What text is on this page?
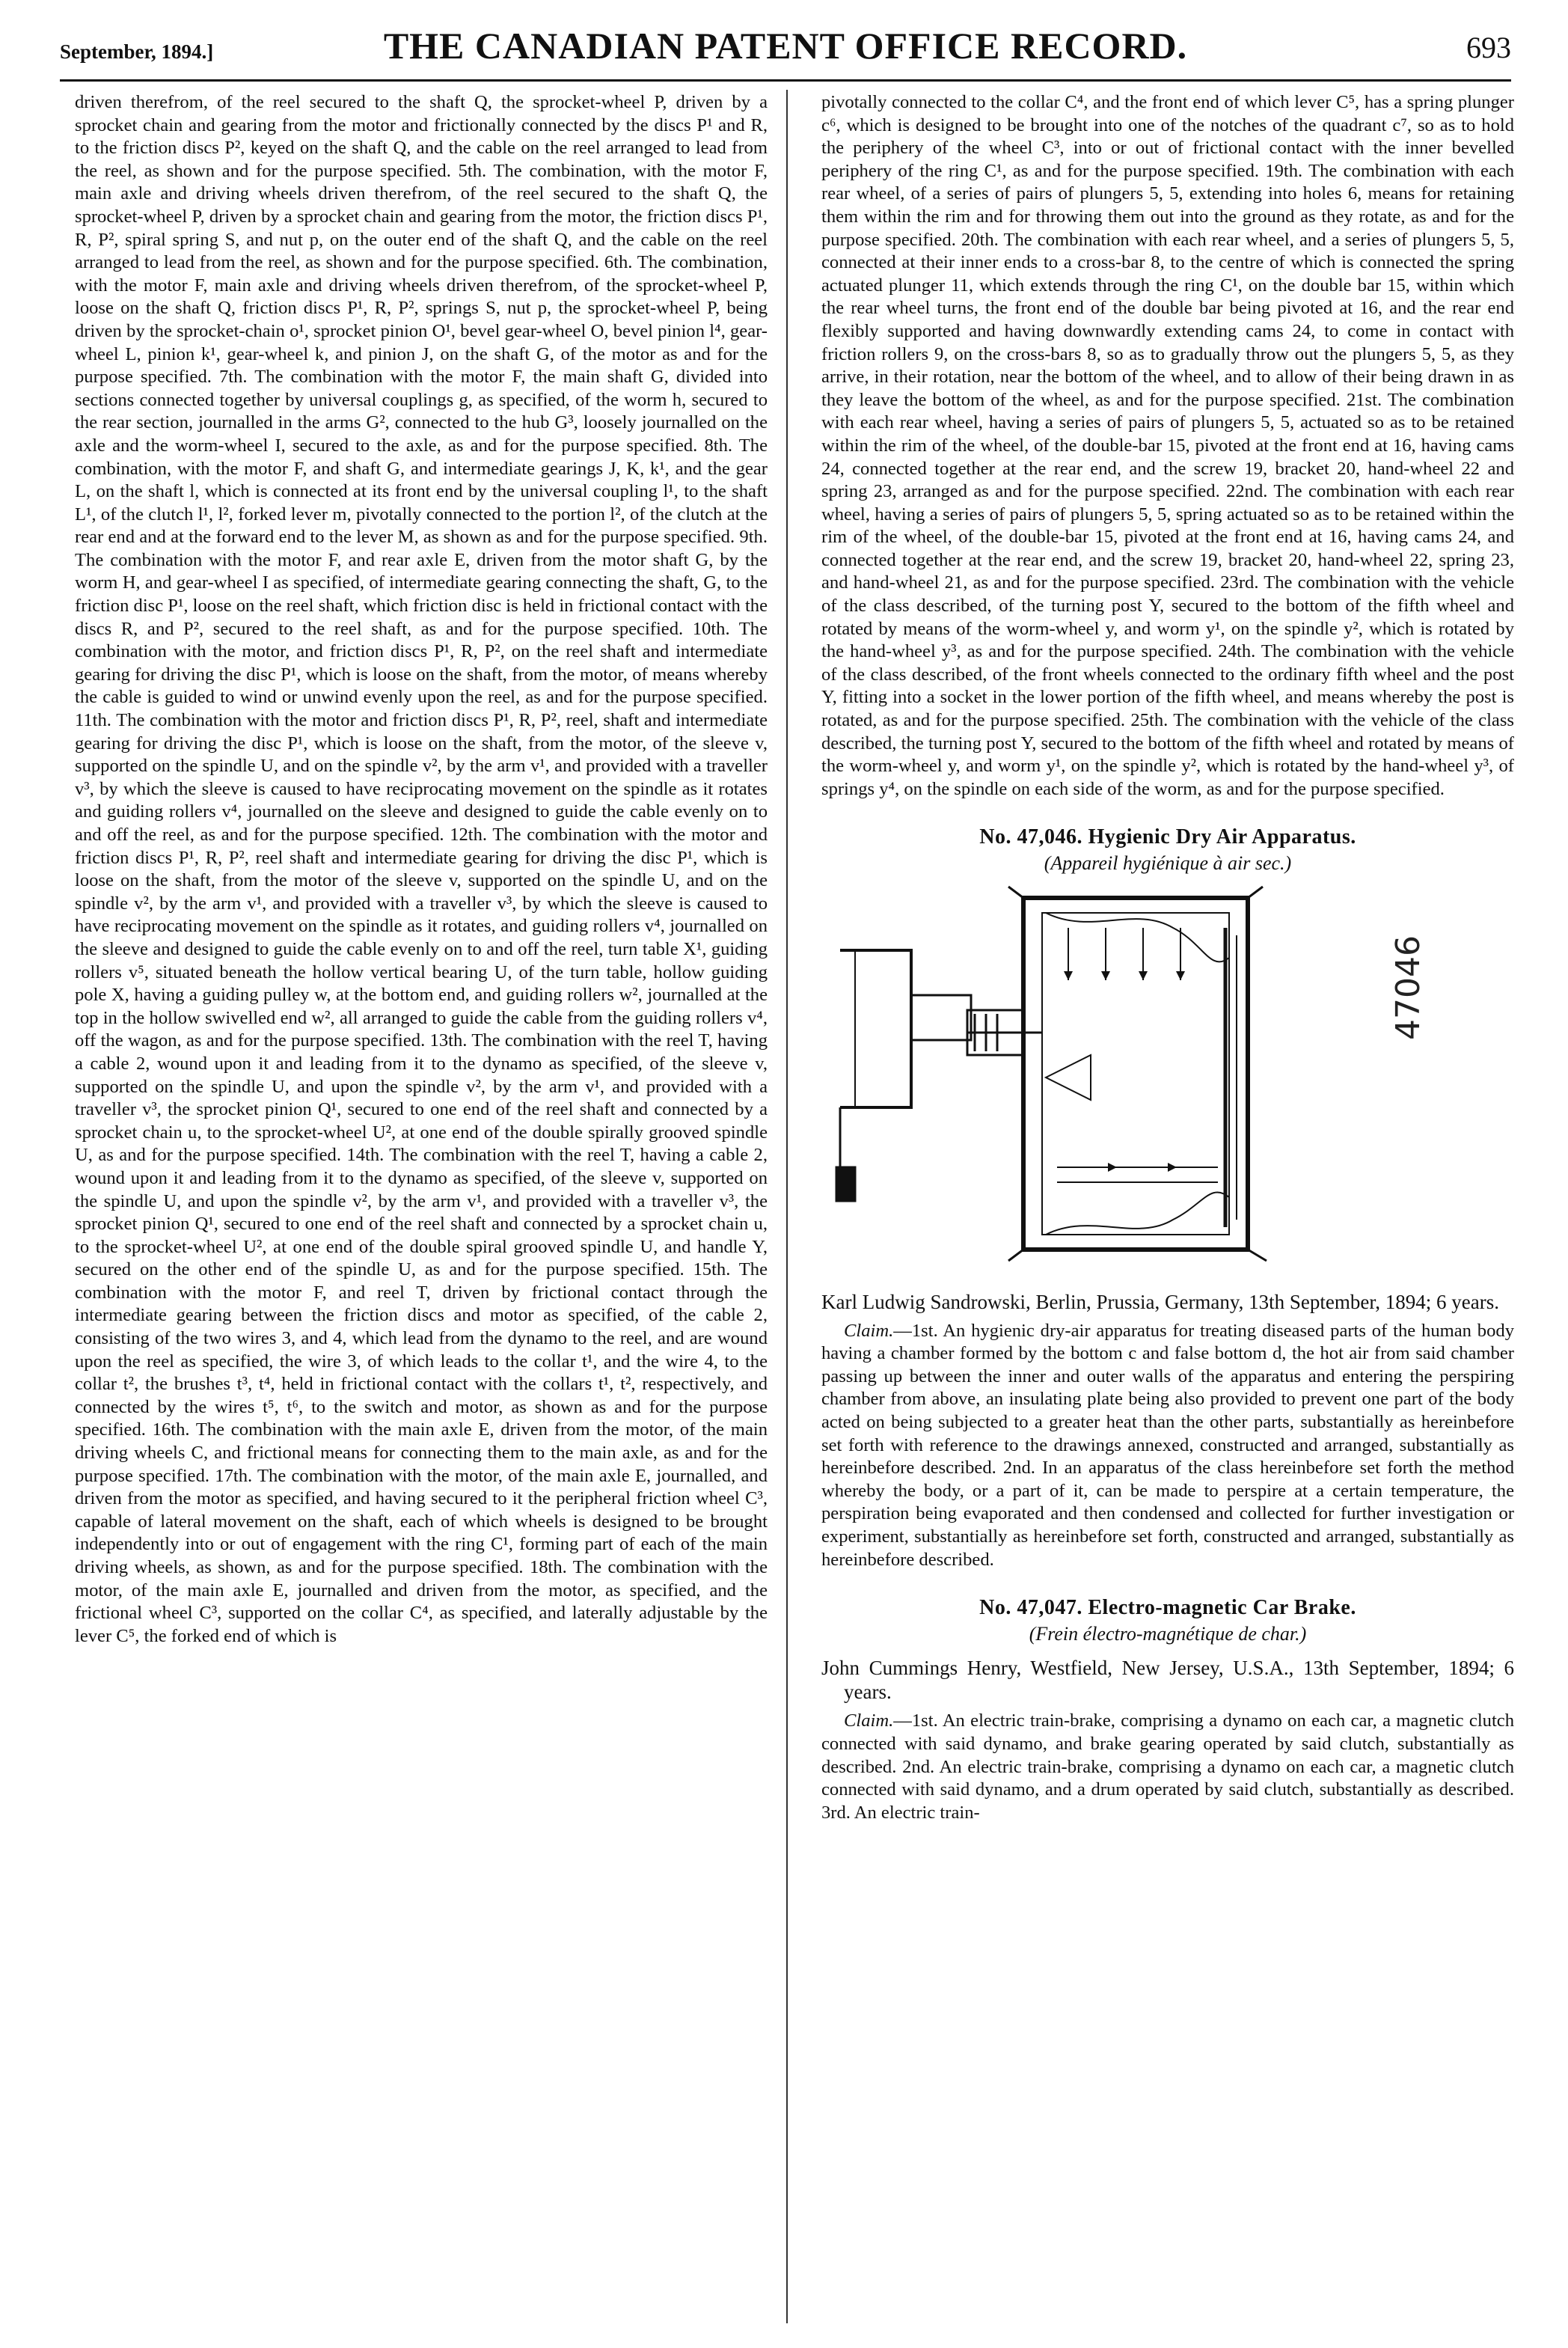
September, 1894.]	THE CANADIAN PATENT OFFICE RECORD.	693

driven therefrom, of the reel secured to the shaft Q, the sprocket-wheel P, driven by a sprocket chain and gearing from the motor and frictionally connected by the discs P¹ and R, to the friction discs P², keyed on the shaft Q, and the cable on the reel arranged to lead from the reel, as shown and for the purpose specified. 5th. The combination, with the motor F, main axle and driving wheels driven therefrom, of the reel secured to the shaft Q, the sprocket-wheel P, driven by a sprocket chain and gearing from the motor, the friction discs P¹, R, P², spiral spring S, and nut p, on the outer end of the shaft Q, and the cable on the reel arranged to lead from the reel, as shown and for the purpose specified. 6th. The combination, with the motor F, main axle and driving wheels driven therefrom, of the sprocket-wheel P, loose on the shaft Q, friction discs P¹, R, P², springs S, nut p, the sprocket-wheel P, being driven by the sprocket-chain o¹, sprocket pinion O¹, bevel gear-wheel O, bevel pinion l⁴, gear-wheel L, pinion k¹, gear-wheel k, and pinion J, on the shaft G, of the motor as and for the purpose specified. 7th. The combination with the motor F, the main shaft G, divided into sections connected together by universal couplings g, as specified, of the worm h, secured to the rear section, journalled in the arms G², connected to the hub G³, loosely journalled on the axle and the worm-wheel I, secured to the axle, as and for the purpose specified. 8th. The combination, with the motor F, and shaft G, and intermediate gearings J, K, k¹, and the gear L, on the shaft l, which is connected at its front end by the universal coupling l¹, to the shaft L¹, of the clutch l¹, l², forked lever m, pivotally connected to the portion l², of the clutch at the rear end and at the forward end to the lever M, as shown as and for the purpose specified. 9th. The combination with the motor F, and rear axle E, driven from the motor shaft G, by the worm H, and gear-wheel I as specified, of intermediate gearing connecting the shaft, G, to the friction disc P¹, loose on the reel shaft, which friction disc is held in frictional contact with the discs R, and P², secured to the reel shaft, as and for the purpose specified. 10th. The combination with the motor, and friction discs P¹, R, P², on the reel shaft and intermediate gearing for driving the disc P¹, which is loose on the shaft, from the motor, of means whereby the cable is guided to wind or unwind evenly upon the reel, as and for the purpose specified. 11th. The combination with the motor and friction discs P¹, R, P², reel, shaft and intermediate gearing for driving the disc P¹, which is loose on the shaft, from the motor, of the sleeve v, supported on the spindle U, and on the spindle v², by the arm v¹, and provided with a traveller v³, by which the sleeve is caused to have reciprocating movement on the spindle as it rotates and guiding rollers v⁴, journalled on the sleeve and designed to guide the cable evenly on to and off the reel, as and for the purpose specified. 12th. The combination with the motor and friction discs P¹, R, P², reel shaft and intermediate gearing for driving the disc P¹, which is loose on the shaft, from the motor of the sleeve v, supported on the spindle U, and on the spindle v², by the arm v¹, and provided with a traveller v³, by which the sleeve is caused to have reciprocating movement on the spindle as it rotates, and guiding rollers v⁴, journalled on the sleeve and designed to guide the cable evenly on to and off the reel, turn table X¹, guiding rollers v⁵, situated beneath the hollow vertical bearing U, of the turn table, hollow guiding pole X, having a guiding pulley w, at the bottom end, and guiding rollers w², journalled at the top in the hollow swivelled end w², all arranged to guide the cable from the guiding rollers v⁴, off the wagon, as and for the purpose specified. 13th. The combination with the reel T, having a cable 2, wound upon it and leading from it to the dynamo as specified, of the sleeve v, supported on the spindle U, and upon the spindle v², by the arm v¹, and provided with a traveller v³, the sprocket pinion Q¹, secured to one end of the reel shaft and connected by a sprocket chain u, to the sprocket-wheel U², at one end of the double spirally grooved spindle U, as and for the purpose specified. 14th. The combination with the reel T, having a cable 2, wound upon it and leading from it to the dynamo as specified, of the sleeve v, supported on the spindle U, and upon the spindle v², by the arm v¹, and provided with a traveller v³, the sprocket pinion Q¹, secured to one end of the reel shaft and connected by a sprocket chain u, to the sprocket-wheel U², at one end of the double spiral grooved spindle U, and handle Y, secured on the other end of the spindle U, as and for the purpose specified. 15th. The combination with the motor F, and reel T, driven by frictional contact through the intermediate gearing between the friction discs and motor as specified, of the cable 2, consisting of the two wires 3, and 4, which lead from the dynamo to the reel, and are wound upon the reel as specified, the wire 3, of which leads to the collar t¹, and the wire 4, to the collar t², the brushes t³, t⁴, held in frictional contact with the collars t¹, t², respectively, and connected by the wires t⁵, t⁶, to the switch and motor, as shown as and for the purpose specified. 16th. The combination with the main axle E, driven from the motor, of the main driving wheels C, and frictional means for connecting them to the main axle, as and for the purpose specified. 17th. The combination with the motor, of the main axle E, journalled, and driven from the motor as specified, and having secured to it the peripheral friction wheel C³, capable of lateral movement on the shaft, each of which wheels is designed to be brought independently into or out of engagement with the ring C¹, forming part of each of the main driving wheels, as shown, as and for the purpose specified. 18th. The combination with the motor, of the main axle E, journalled and driven from the motor, as specified, and the frictional wheel C³, supported on the collar C⁴, as specified, and laterally adjustable by the lever C⁵, the forked end of which is

pivotally connected to the collar C⁴, and the front end of which lever C⁵, has a spring plunger c⁶, which is designed to be brought into one of the notches of the quadrant c⁷, so as to hold the periphery of the wheel C³, into or out of frictional contact with the inner bevelled periphery of the ring C¹, as and for the purpose specified. 19th. The combination with each rear wheel, of a series of pairs of plungers 5, 5, extending into holes 6, means for retaining them within the rim and for throwing them out into the ground as they rotate, as and for the purpose specified. 20th. The combination with each rear wheel, and a series of plungers 5, 5, connected at their inner ends to a cross-bar 8, to the centre of which is connected the spring actuated plunger 11, which extends through the ring C¹, on the double bar 15, within which the rear wheel turns, the front end of the double bar being pivoted at 16, and the rear end flexibly supported and having downwardly extending cams 24, to come in contact with friction rollers 9, on the cross-bars 8, so as to gradually throw out the plungers 5, 5, as they arrive, in their rotation, near the bottom of the wheel, and to allow of their being drawn in as they leave the bottom of the wheel, as and for the purpose specified. 21st. The combination with each rear wheel, having a series of pairs of plungers 5, 5, actuated so as to be retained within the rim of the wheel, of the double-bar 15, pivoted at the front end at 16, having cams 24, connected together at the rear end, and the screw 19, bracket 20, hand-wheel 22 and spring 23, arranged as and for the purpose specified. 22nd. The combination with each rear wheel, having a series of pairs of plungers 5, 5, spring actuated so as to be retained within the rim of the wheel, of the double-bar 15, pivoted at the front end at 16, having cams 24, and connected together at the rear end, and the screw 19, bracket 20, hand-wheel 22, spring 23, and hand-wheel 21, as and for the purpose specified. 23rd. The combination with the vehicle of the class described, of the turning post Y, secured to the bottom of the fifth wheel and rotated by means of the worm-wheel y, and worm y¹, on the spindle y², which is rotated by the hand-wheel y³, as and for the purpose specified. 24th. The combination with the vehicle of the class described, of the front wheels connected to the ordinary fifth wheel and the post Y, fitting into a socket in the lower portion of the fifth wheel, and means whereby the post is rotated, as and for the purpose specified. 25th. The combination with the vehicle of the class described, the turning post Y, secured to the bottom of the fifth wheel and rotated by means of the worm-wheel y, and worm y¹, on the spindle y², which is rotated by the hand-wheel y³, of springs y⁴, on the spindle on each side of the worm, as and for the purpose specified.

No. 47,046. Hygienic Dry Air Apparatus.
(Appareil hygiénique à air sec.)
47046

Karl Ludwig Sandrowski, Berlin, Prussia, Germany, 13th September, 1894; 6 years.

Claim.—1st. An hygienic dry-air apparatus for treating diseased parts of the human body having a chamber formed by the bottom c and false bottom d, the hot air from said chamber passing up between the inner and outer walls of the apparatus and entering the perspiring chamber from above, an insulating plate being also provided to prevent one part of the body acted on being subjected to a greater heat than the other parts, substantially as hereinbefore set forth with reference to the drawings annexed, constructed and arranged, substantially as hereinbefore described. 2nd. In an apparatus of the class hereinbefore set forth the method whereby the body, or a part of it, can be made to perspire at a certain temperature, the perspiration being evaporated and then condensed and collected for further investigation or experiment, substantially as hereinbefore set forth, constructed and arranged, substantially as hereinbefore described.

No. 47,047. Electro-magnetic Car Brake.
(Frein électro-magnétique de char.)

John Cummings Henry, Westfield, New Jersey, U.S.A., 13th September, 1894; 6 years.

Claim.—1st. An electric train-brake, comprising a dynamo on each car, a magnetic clutch connected with said dynamo, and brake gearing operated by said clutch, substantially as described. 2nd. An electric train-brake, comprising a dynamo on each car, a magnetic clutch connected with said dynamo, and a drum operated by said clutch, substantially as described. 3rd. An electric train-
